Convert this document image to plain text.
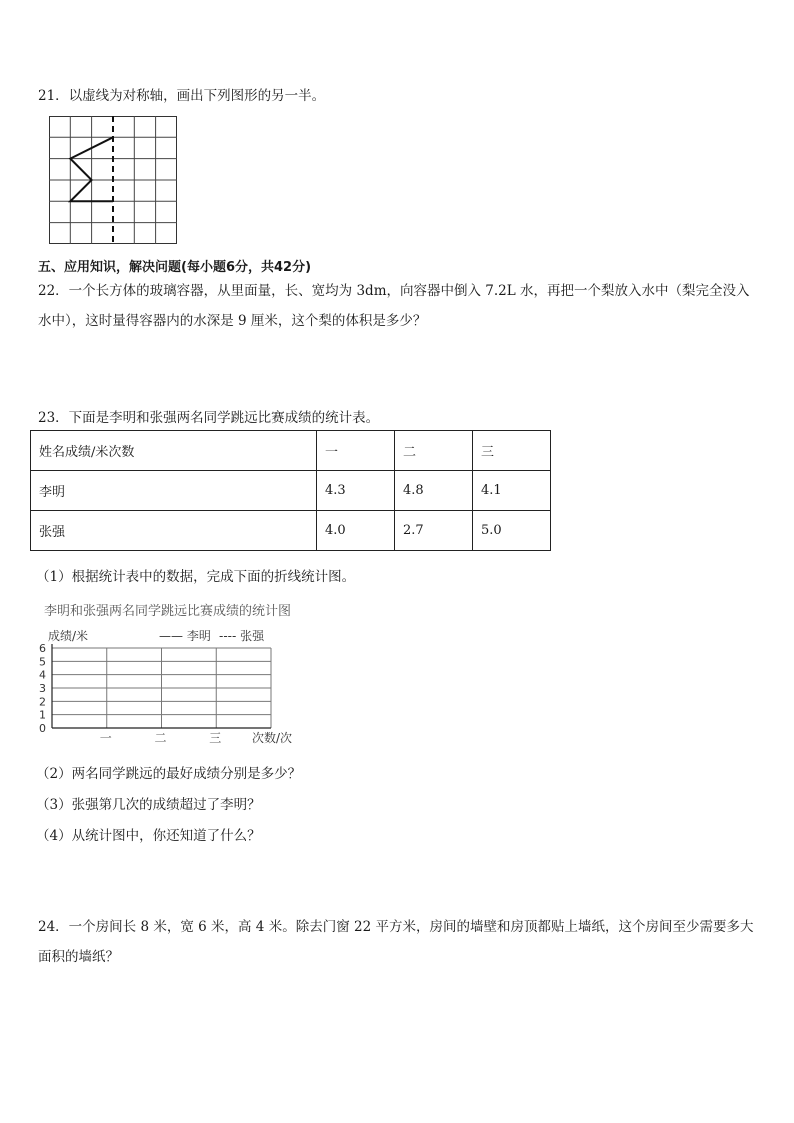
21．以虚线为对称轴，画出下列图形的另一半。
五、应用知识，解决问题(每小题6分，共42分)
22．一个长方体的玻璃容器，从里面量，长、宽均为 3dm，向容器中倒入 7.2L 水，再把一个梨放入水中（梨完全没入水中），这时量得容器内的水深是 9 厘米，这个梨的体积是多少？
23．下面是李明和张强两名同学跳远比赛成绩的统计表。
姓名成绩/米次数	一	二	三
李明	4.3	4.8	4.1
张强	4.0	2.7	5.0
（1）根据统计表中的数据，完成下面的折线统计图。
李明和张强两名同学跳远比赛成绩的统计图
成绩/米	—— 李明 ---- 张强
0
1
2
3
4
5
6
一	二	三	次数/次
（2）两名同学跳远的最好成绩分别是多少？
（3）张强第几次的成绩超过了李明？
（4）从统计图中，你还知道了什么？
24．一个房间长 8 米，宽 6 米，高 4 米。除去门窗 22 平方米，房间的墙壁和房顶都贴上墙纸，这个房间至少需要多大面积的墙纸？
